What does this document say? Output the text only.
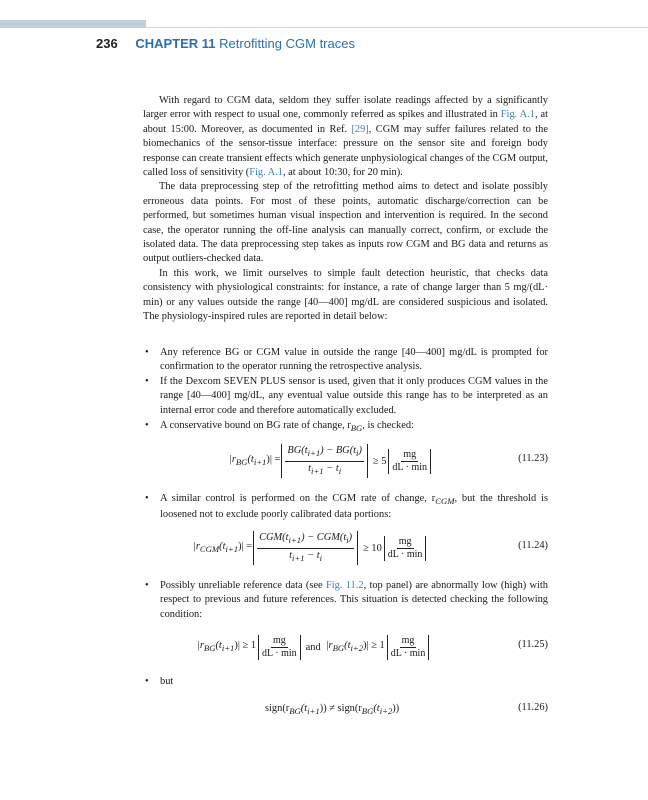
236 CHAPTER 11 Retrofitting CGM traces

With regard to CGM data, seldom they suffer isolate readings affected by a significantly larger error with respect to usual one, commonly referred as spikes and illustrated in Fig. A.1, at about 15:00. Moreover, as documented in Ref. [29], CGM may suffer failures related to the biomechanics of the sensor-tissue interface: pressure on the sensor site and foreign body response can create transient effects which generate unphysiological changes of the CGM output, called loss of sensitivity (Fig. A.1, at about 10:30, for 20 min).

The data preprocessing step of the retrofitting method aims to detect and isolate possibly erroneous data points. For most of these points, automatic discharge/correction can be performed, but sometimes human visual inspection and intervention is required. In the second case, the operator running the off-line analysis can manually correct, confirm, or exclude the isolated data. The data preprocessing step takes as inputs row CGM and BG data and returns as output outliers-checked data.

In this work, we limit ourselves to simple fault detection heuristic, that checks data consistency with physiological constraints: for instance, a rate of change larger than 5 mg/(dL· min) or any values outside the range [40—400] mg/dL are considered suspicious and isolated. The physiology-inspired rules are reported in detail below:

• Any reference BG or CGM value in outside the range [40—400] mg/dL is prompted for confirmation to the operator running the retrospective analysis.
• If the Dexcom SEVEN PLUS sensor is used, given that it only produces CGM values in the range [40—400] mg/dL, any eventual value outside this range has to be interpreted as an internal error code and therefore automatically excluded.
• A conservative bound on BG rate of change, $r_{BG}$, is checked:
• A similar control is performed on the CGM rate of change, $r_{CGM}$, but the threshold is loosened not to exclude poorly calibrated data portions:
• Possibly unreliable reference data (see Fig. 11.2, top panel) are abnormally low (high) with respect to previous and future references. This situation is detected checking the following condition:
• but
$|r_{BG}(t_{i+1})| = \frac{BG(t_{i+1}) - BG(t_i)}{t_{i+1} - t_i} \ge 5$
mg
dL · min
(11.23)
$|r_{CGM}(t_{i+1})| = \frac{CGM(t_{i+1}) - CGM(t_i)}{t_{i+1} - t_i} \ge 10$
mg
dL · min
(11.24)
$|r_{BG}(t_{i+1})| \ge 1$
mg
dL · min
and $|r_{BG}(t_{i+2})| \ge 1$
mg
dL · min
(11.25)
$sign(r_{BG}(t_{i+1}))$ ≠ $sign(r_{BG}(t_{i+2}))$	(11.26)
